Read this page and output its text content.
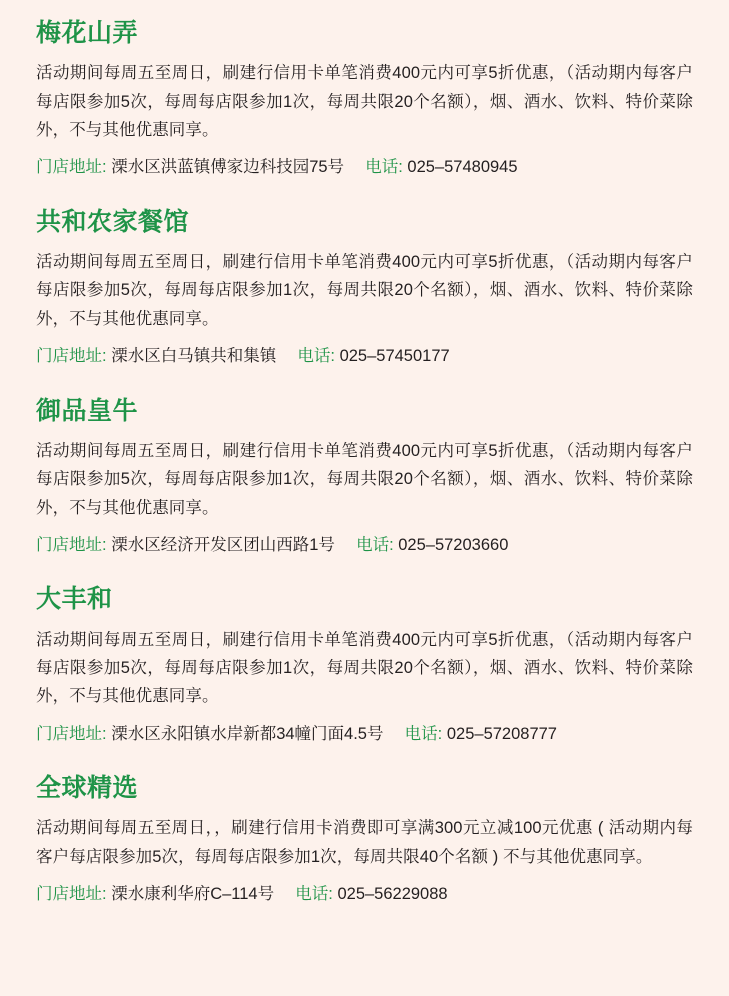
梅花山弄

活动期间每周五至周日，刷建行信用卡单笔消费400元内可享5折优惠，（活动期内每客户每店限参加5次，每周每店限参加1次，每周共限20个名额），烟、酒水、饮料、特价菜除外，不与其他优惠同享。

门店地址: 溧水区洪蓝镇傅家边科技园75号 电话: 025–57480945

共和农家餐馆

活动期间每周五至周日，刷建行信用卡单笔消费400元内可享5折优惠，（活动期内每客户每店限参加5次，每周每店限参加1次，每周共限20个名额），烟、酒水、饮料、特价菜除外，不与其他优惠同享。

门店地址: 溧水区白马镇共和集镇 电话: 025–57450177

御品皇牛

活动期间每周五至周日，刷建行信用卡单笔消费400元内可享5折优惠，（活动期内每客户每店限参加5次，每周每店限参加1次，每周共限20个名额），烟、酒水、饮料、特价菜除外，不与其他优惠同享。

门店地址: 溧水区经济开发区团山西路1号 电话: 025–57203660

大丰和

活动期间每周五至周日，刷建行信用卡单笔消费400元内可享5折优惠，（活动期内每客户每店限参加5次，每周每店限参加1次，每周共限20个名额），烟、酒水、饮料、特价菜除外，不与其他优惠同享。

门店地址: 溧水区永阳镇水岸新都34幢门面4.5号 电话: 025–57208777

全球精选

活动期间每周五至周日，，刷建行信用卡消费即可享满300元立减100元优惠 ( 活动期内每客户每店限参加5次，每周每店限参加1次，每周共限40个名额 ) 不与其他优惠同享。

门店地址: 溧水康利华府C–114号 电话: 025–56229088
